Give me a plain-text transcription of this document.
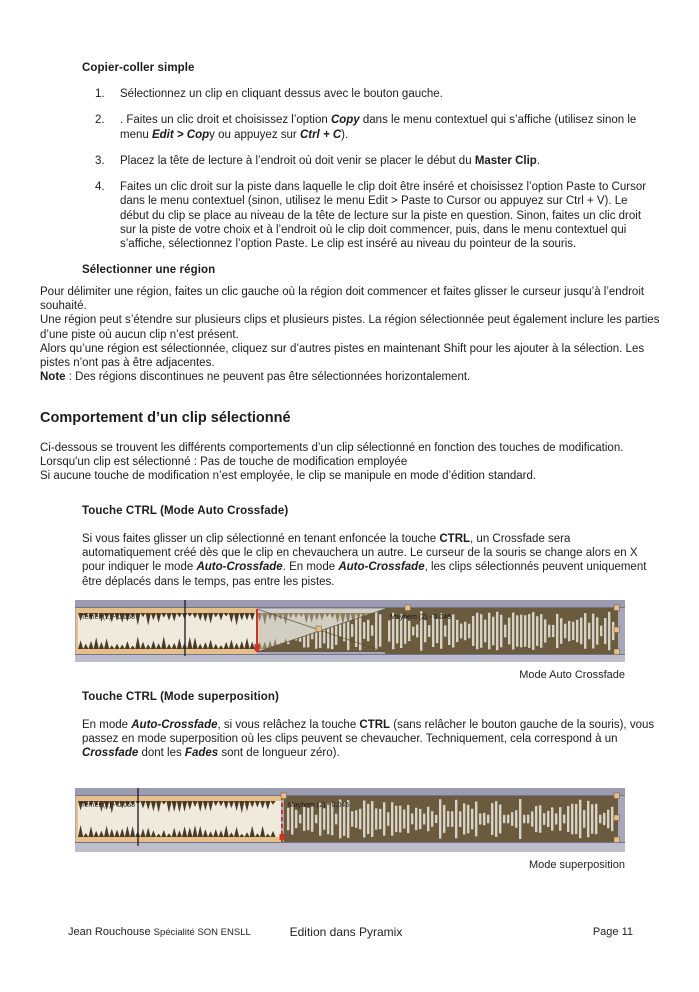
Copier-coller simple
1.	Sélectionnez un clip en cliquant dessus avec le bouton gauche.
2.	. Faites un clic droit et choisissez l’option Copy dans le menu contextuel qui s’affiche (utilisez sinon le menu Edit > Copy ou appuyez sur Ctrl + C).
3.	Placez la tête de lecture à l’endroit où doit venir se placer le début du Master Clip.
4.	Faites un clic droit sur la piste dans laquelle le clip doit être inséré et choisissez l’option Paste to Cursor dans le menu contextuel (sinon, utilisez le menu Edit > Paste to Cursor ou appuyez sur Ctrl + V). Le début du clip se place au niveau de la tête de lecture sur la piste en question. Sinon, faites un clic droit sur la piste de votre choix et à l’endroit où le clip doit commencer, puis, dans le menu contextuel qui s’affiche, sélectionnez l’option Paste. Le clip est inséré au niveau du pointeur de la souris.
Sélectionner une région
Pour délimiter une région, faites un clic gauche où la région doit commencer et faites glisser le curseur jusqu’à l’endroit souhaité.
Une région peut s’étendre sur plusieurs clips et plusieurs pistes. La région sélectionnée peut également inclure les parties d’une piste où aucun clip n’est présent.
Alors qu’une région est sélectionnée, cliquez sur d’autres pistes en maintenant Shift pour les ajouter à la sélection. Les pistes n’ont pas à être adjacentes.
Note : Des régions discontinues ne peuvent pas être sélectionnées horizontalement.
Comportement d’un clip sélectionné
Ci-dessous se trouvent les différents comportements d’un clip sélectionné en fonction des touches de modification.
Lorsqu'un clip est sélectionné : Pas de touche de modification employée
Si aucune touche de modification n’est employée, le clip se manipule en mode d’édition standard.
Touche CTRL (Mode Auto Crossfade)
Si vous faites glisser un clip sélectionné en tenant enfoncée la touche CTRL, un Crossfade sera automatiquement créé dès que le clip en chevauchera un autre. Le curseur de la souris se change alors en X pour indiquer le mode Auto-Crossfade. En mode Auto-Crossfade, les clips sélectionnés peuvent uniquement être déplacés dans le temps, pas entre les pistes.
Terrier (2) - 0.068	Mayhem (2) - 0.046
Mode Auto Crossfade
Touche CTRL (Mode superposition)
En mode Auto-Crossfade, si vous relâchez la touche CTRL (sans relâcher le bouton gauche de la souris), vous passez en mode superposition où les clips peuvent se chevaucher. Techniquement, cela correspond à un Crossfade dont les Fades sont de longueur zéro).
Terrier (2) - 0.068	Mayhem (2) - 0.046
Mode superposition
Jean Rouchouse Spécialité SON ENSLL	Edition dans Pyramix	Page 11
